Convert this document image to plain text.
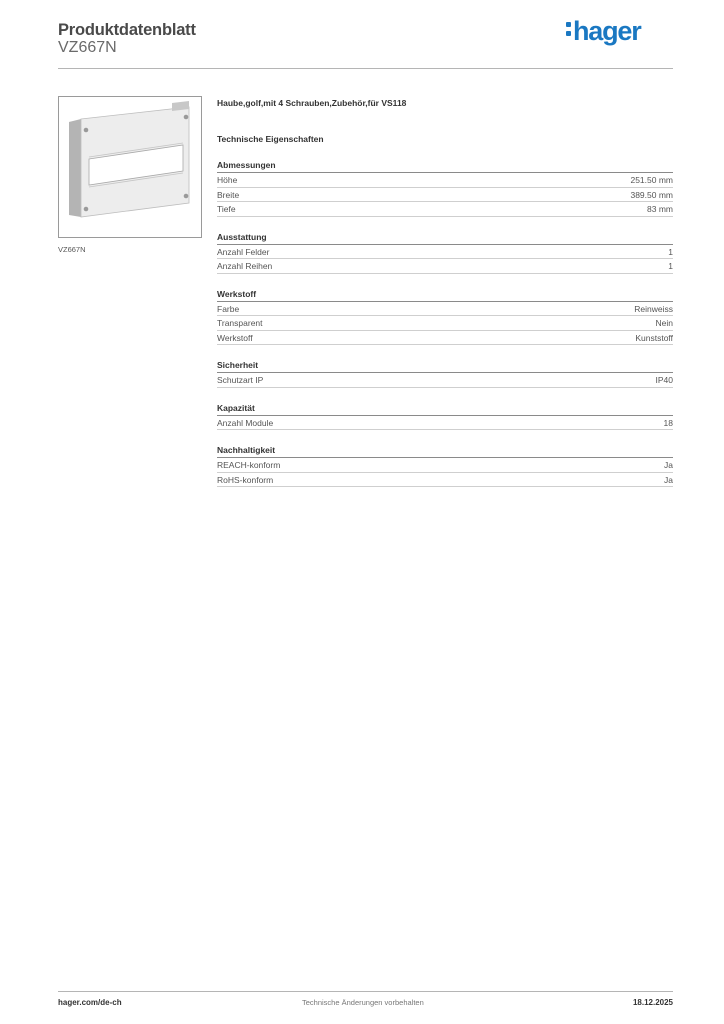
Produktdatenblatt
VZ667N
hager
VZ667N
Haube,golf,mit 4 Schrauben,Zubehör,für VS118
Technische Eigenschaften
Abmessungen
Höhe	251.50 mm
Breite	389.50 mm
Tiefe	83 mm
Ausstattung
Anzahl Felder	1
Anzahl Reihen	1
Werkstoff
Farbe	Reinweiss
Transparent	Nein
Werkstoff	Kunststoff
Sicherheit
Schutzart IP	IP40
Kapazität
Anzahl Module	18
Nachhaltigkeit
REACH-konform	Ja
RoHS-konform	Ja
hager.com/de-ch	Technische Änderungen vorbehalten	18.12.2025
